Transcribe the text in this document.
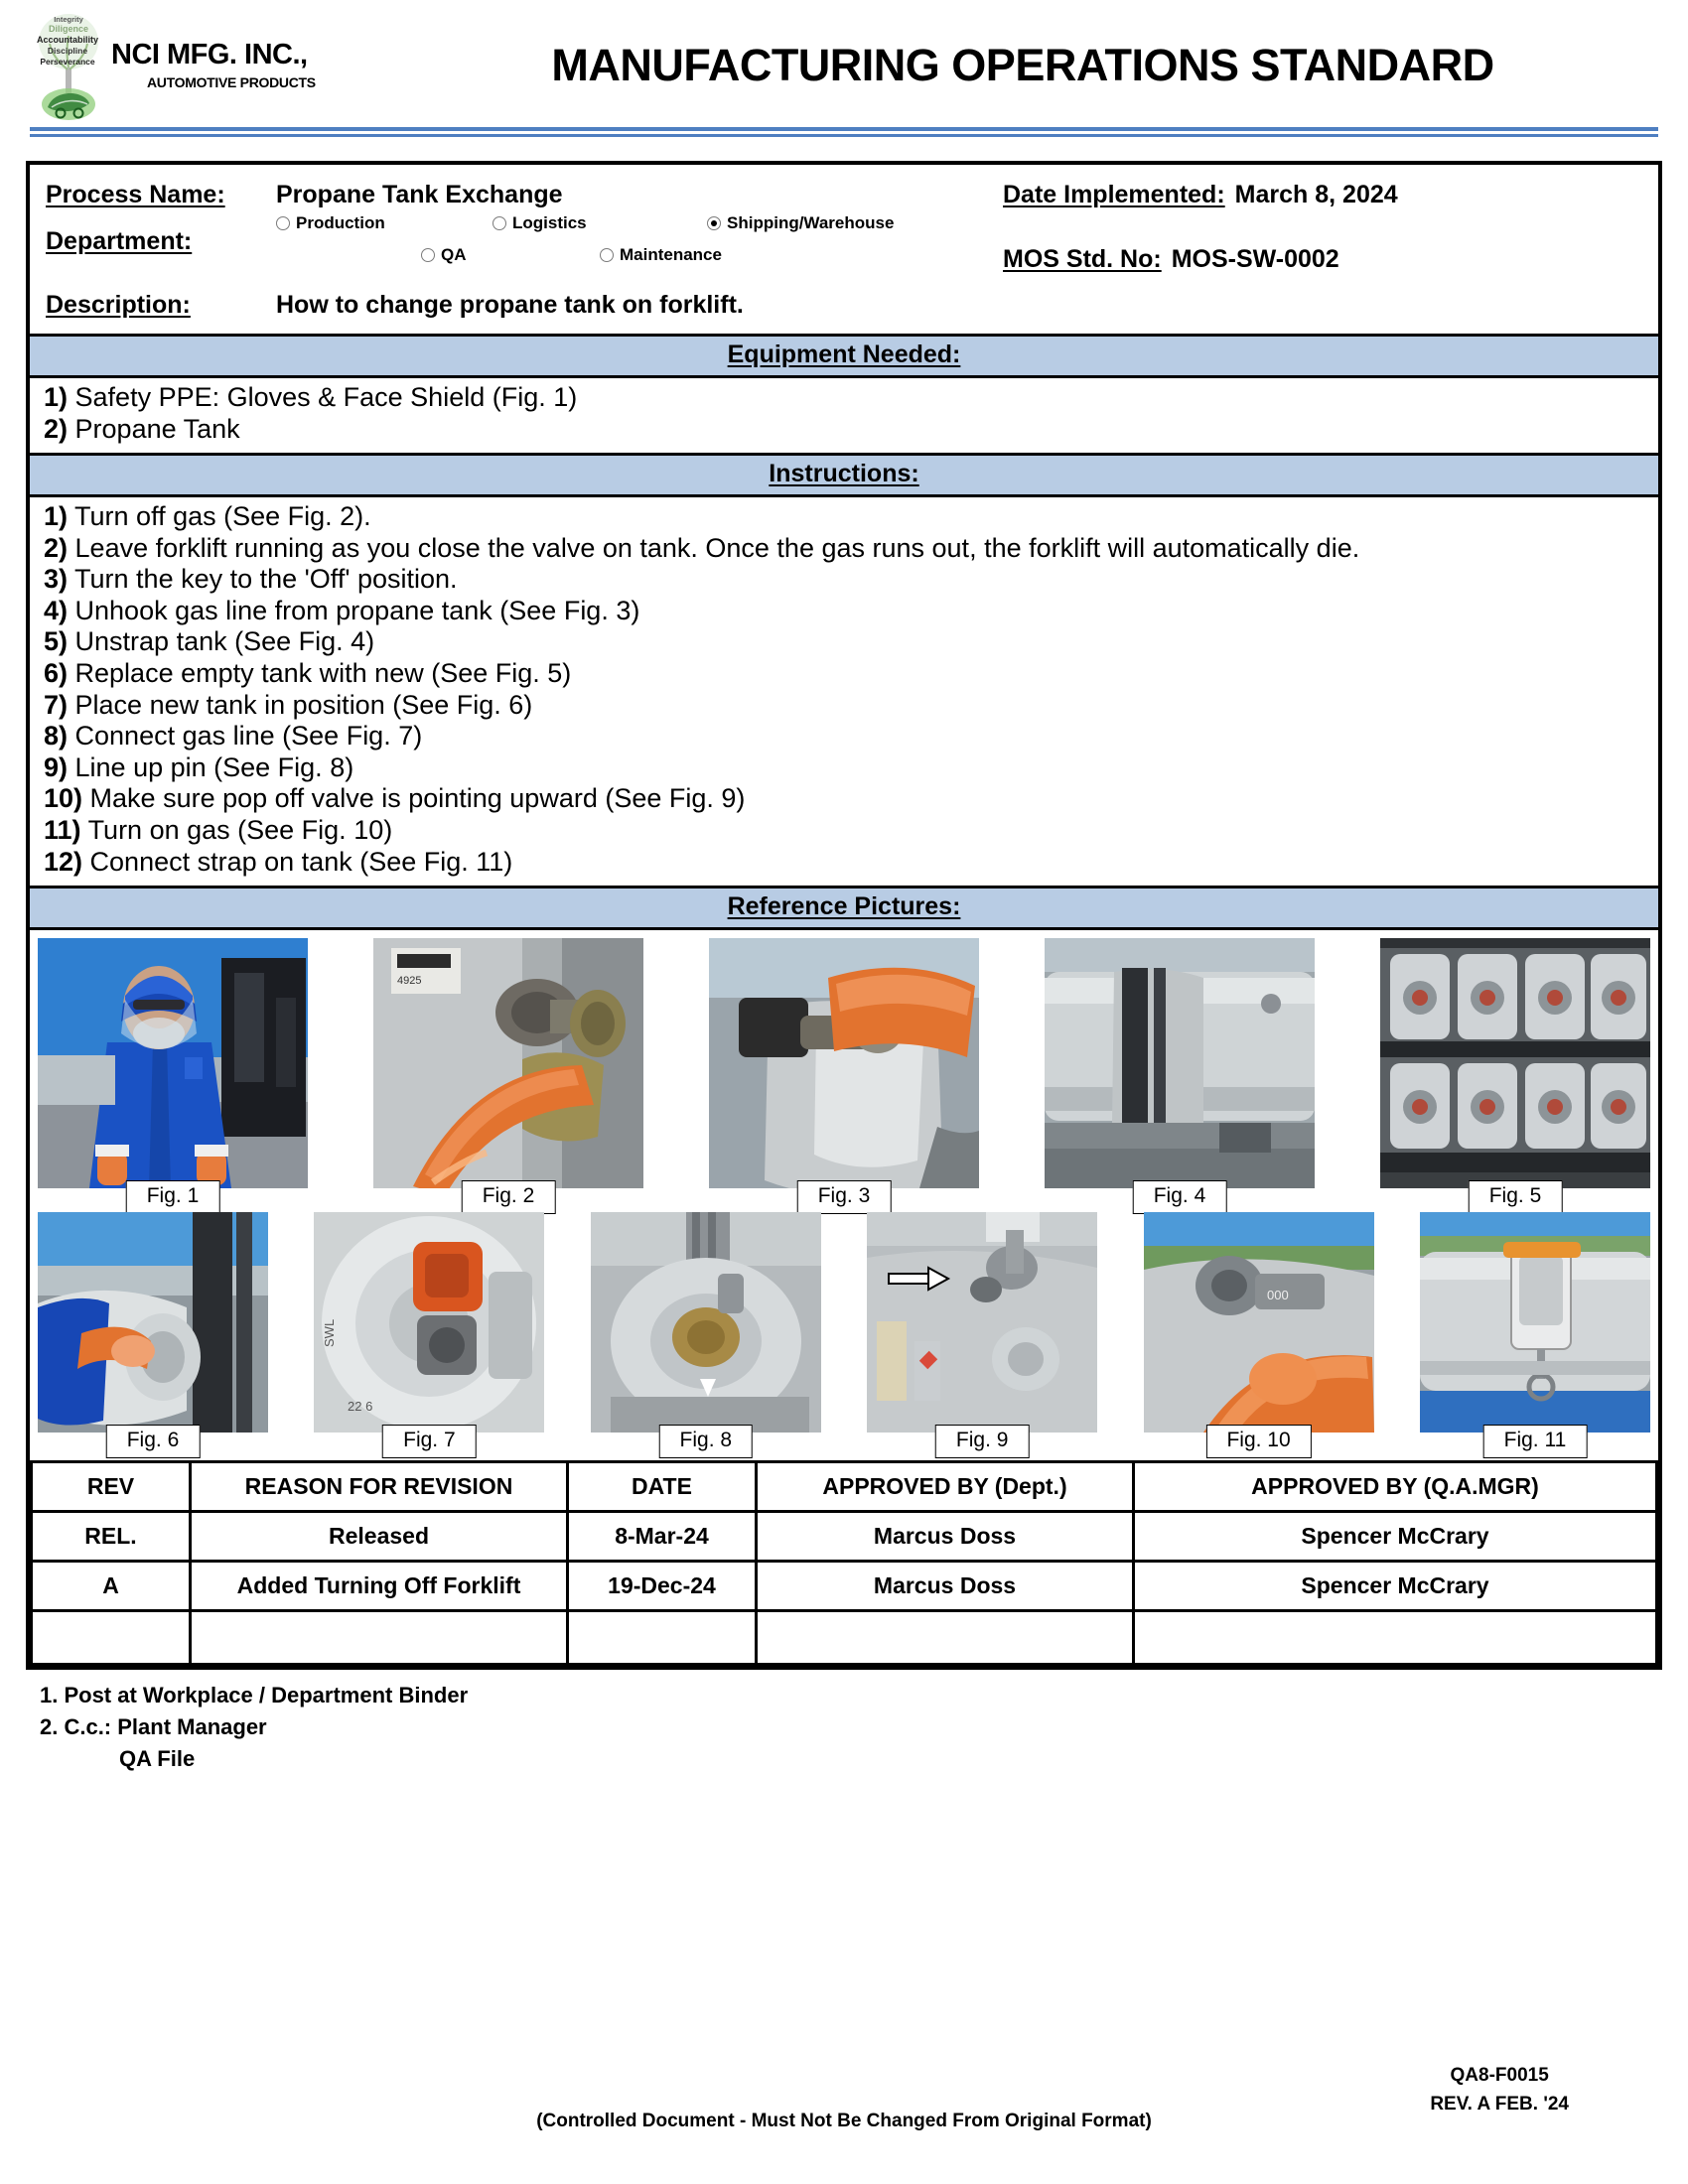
Integrity
Diligence
Accountability
Discipline
Perseverance NCI MFG. INC.,
AUTOMOTIVE PRODUCTS	MANUFACTURING OPERATIONS STANDARD
Process Name:	Propane Tank Exchange	Date Implemented: March 8, 2024
Department:
Production	Logistics	Shipping/Warehouse
QA	Maintenance	MOS Std. No: MOS-SW-0002
Description:	How to change propane tank on forklift.
Equipment Needed:

1) Safety PPE: Gloves & Face Shield (Fig. 1)

2) Propane Tank

Instructions:

1) Turn off gas (See Fig. 2).

2) Leave forklift running as you close the valve on tank. Once the gas runs out, the forklift will automatically die.

3) Turn the key to the 'Off' position.

4) Unhook gas line from propane tank (See Fig. 3)

5) Unstrap tank (See Fig. 4)

6) Replace empty tank with new (See Fig. 5)

7) Place new tank in position (See Fig. 6)

8) Connect gas line (See Fig. 7)

9) Line up pin (See Fig. 8)

10) Make sure pop off valve is pointing upward (See Fig. 9)

11) Turn on gas (See Fig. 10)

12) Connect strap on tank (See Fig. 11)

Reference Pictures:
Fig. 1
4925
Fig. 2	Fig. 3	Fig. 4	Fig. 5
Fig. 6
SWL
22 6
Fig. 7	Fig. 8	Fig. 9
000
Fig. 10	Fig. 11
REV	REASON FOR REVISION	DATE	APPROVED BY (Dept.)	APPROVED BY (Q.A.MGR)
REL.	Released	8-Mar-24	Marcus Doss	Spencer McCrary
A	Added Turning Off Forklift	19-Dec-24	Marcus Doss	Spencer McCrary

1. Post at Workplace / Department Binder

2. C.c.: Plant Manager

QA File

(Controlled Document - Must Not Be Changed From Original Format)
QA8-F0015
REV. A FEB. '24
